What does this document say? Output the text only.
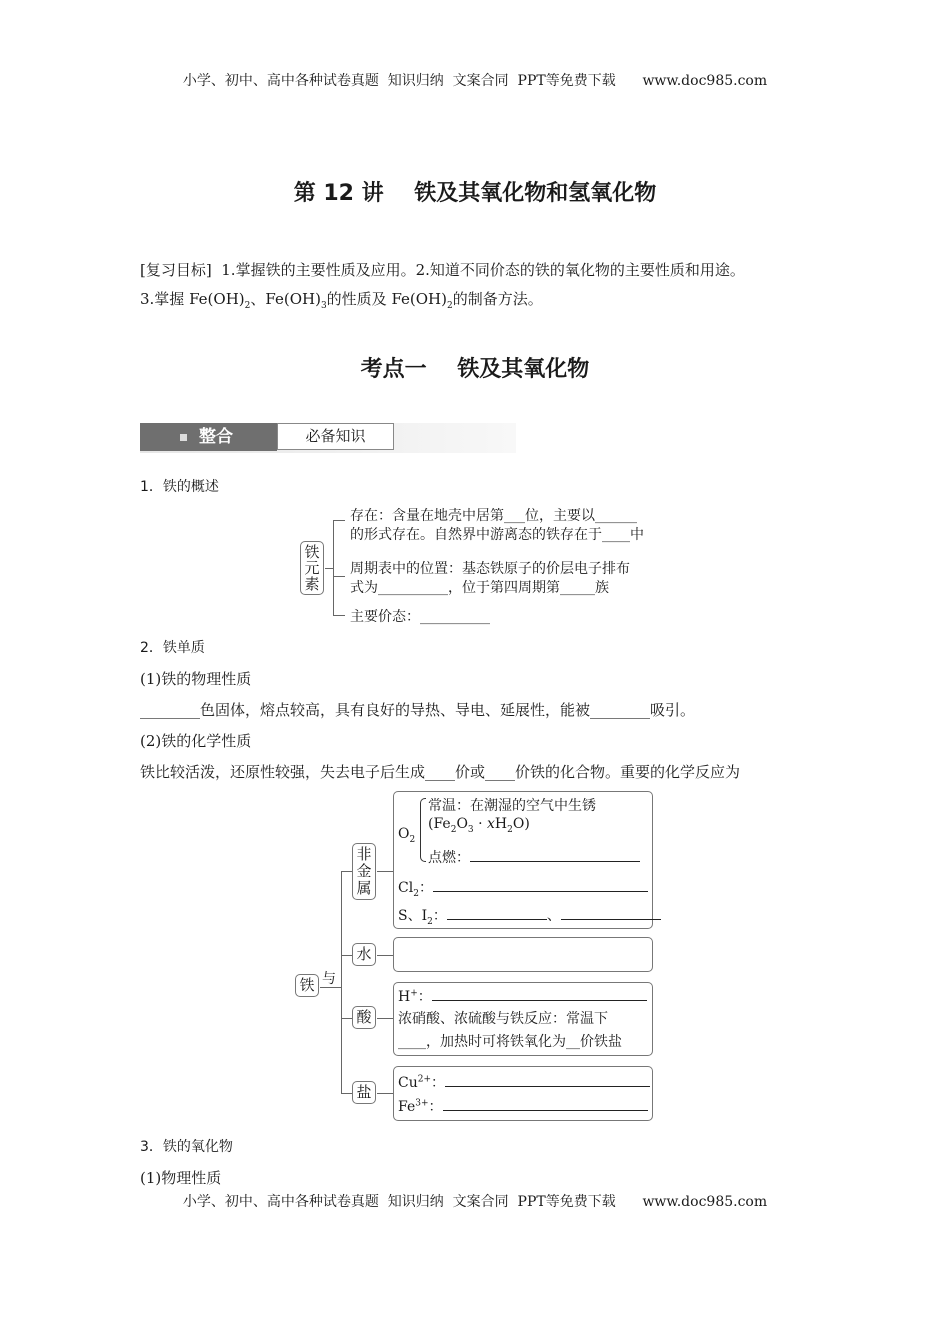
小学、初中、高中各种试卷真题  知识归纳  文案合同  PPT等免费下载      www.doc985.com
第 12 讲    铁及其氧化物和氢氧化物
[复习目标]  1.掌握铁的主要性质及应用。2.知道不同价态的铁的氧化物的主要性质和用途。
3.掌握 $Fe(OH)_2$、$Fe(OH)_3$的性质及 $Fe(OH)_2$的制备方法。
考点一    铁及其氧化物
整合	必备知识
1．铁的概述
铁
元
素
存在：含量在地壳中居第___位，主要以______
的形式存在。自然界中游离态的铁存在于____中
周期表中的位置：基态铁原子的价层电子排布
式为__________，位于第四周期第_____族
主要价态：__________
2．铁单质
(1)铁的物理性质
________色固体，熔点较高，具有良好的导热、导电、延展性，能被________吸引。
(2)铁的化学性质
铁比较活泼，还原性较强，失去电子后生成____价或____价铁的化合物。重要的化学反应为
铁 与
非
金
属
水
酸
盐
$O_2$
常温：在潮湿的空气中生锈
$(Fe_2O_3 \cdot xH_2O)$
点燃：
$Cl_2$：
S、$I_2$：	、
H+：
浓硝酸、浓硫酸与铁反应：常温下
____，加热时可将铁氧化为__价铁盐
$Cu^{2+}$：
$Fe^{3+}$：
3．铁的氧化物
(1)物理性质
小学、初中、高中各种试卷真题  知识归纳  文案合同  PPT等免费下载      www.doc985.com
